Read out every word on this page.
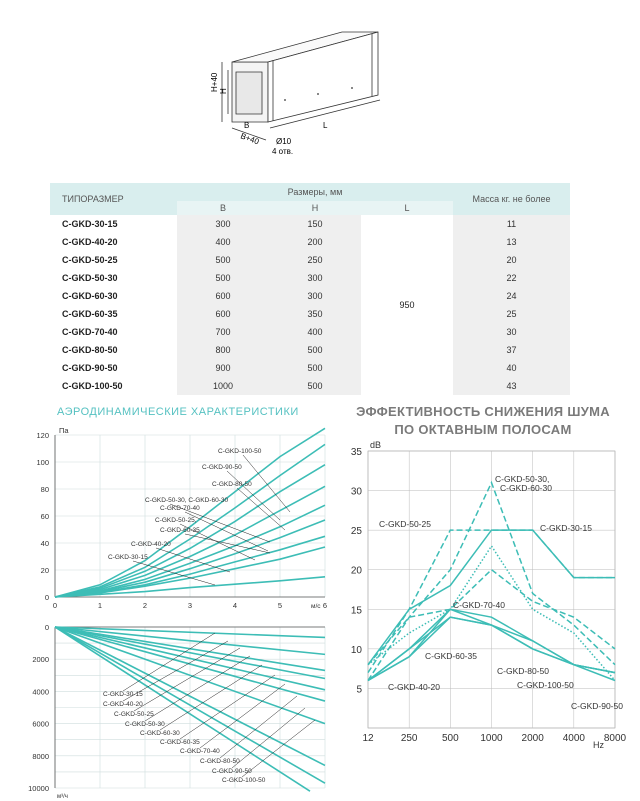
H+40 H
B
B+40
L
Ø10
4 отв.
ТИПОРАЗМЕР	Размеры, мм			Масса кг. не более
	B	H	L	
C-GKD-30-15	300	150	950	11
C-GKD-40-20	400	200		13
C-GKD-50-25	500	250		20
C-GKD-50-30	500	300		22
C-GKD-60-30	600	300		24
C-GKD-60-35	600	350		25
C-GKD-70-40	700	400		30
C-GKD-80-50	800	500		37
C-GKD-90-50	900	500		40
C-GKD-100-50	1000	500		43
АЭРОДИНАМИЧЕСКИЕ ХАРАКТЕРИСТИКИ	ЭФФЕКТИВНОСТЬ СНИЖЕНИЯ ШУМА
ПО ОКТАВНЫМ ПОЛОСАМ
0
20
40
60
80
100
120
0	1	2	3	4	5	6
Па
м/с
C-GKD-100-50
C-GKD-90-50
C-GKD-80-50
C-GKD-50-30, C-GKD-60-30
C-GKD-70-40
C-GKD-50-25,
C-GKD-60-35
C-GKD-40-20
C-GKD-30-15
0
2000
4000
6000
8000
10000
м³/ч
C-GKD-30-15
C-GKD-40-20
C-GKD-50-25
C-GKD-50-30
C-GKD-60-30
C-GKD-60-35
C-GKD-70-40
C-GKD-80-50
C-GKD-90-50
C-GKD-100-50
5
10
15
20
25
30
35
12	250 500 1000 2000 4000 8000
dB
Hz
C-GKD-30-15
C-GKD-50-25
C-GKD-50-30,
C-GKD-60-30
C-GKD-70-40
C-GKD-60-35
C-GKD-80-50
C-GKD-100-50
C-GKD-40-20
C-GKD-90-50
